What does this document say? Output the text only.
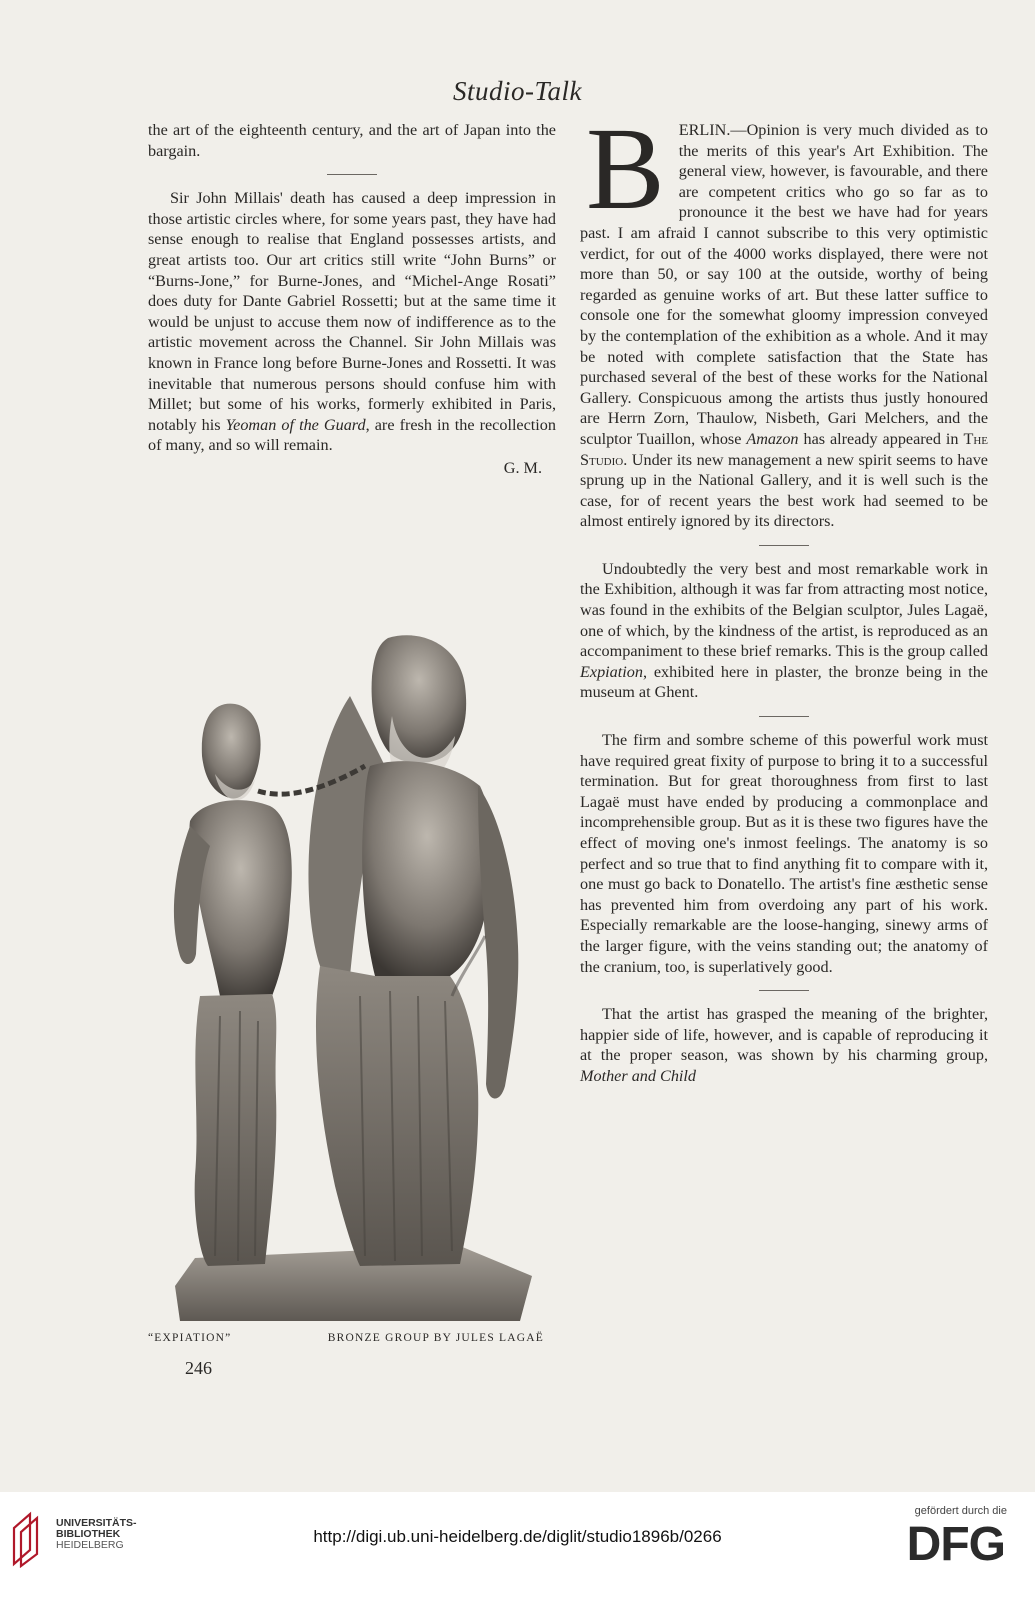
Studio-Talk

the art of the eighteenth century, and the art of Japan into the bargain.

Sir John Millais' death has caused a deep impression in those artistic circles where, for some years past, they have had sense enough to realise that England possesses artists, and great artists too. Our art critics still write “John Burns” or “Burns-Jone,” for Burne-Jones, and “Michel-Ange Rosati” does duty for Dante Gabriel Rossetti; but at the same time it would be unjust to accuse them now of indifference as to the artistic movement across the Channel. Sir John Millais was known in France long before Burne-Jones and Rossetti. It was inevitable that numerous persons should confuse him with Millet; but some of his works, formerly exhibited in Paris, notably his Yeoman of the Guard, are fresh in the recollection of many, and so will remain.

G. M.
“EXPIATION”	BRONZE GROUP BY JULES LAGAË
246

BERLIN.—Opinion is very much divided as to the merits of this year's Art Exhibition. The general view, however, is favourable, and there are competent critics who go so far as to pronounce it the best we have had for years past. I am afraid I cannot subscribe to this very optimistic verdict, for out of the 4000 works displayed, there were not more than 50, or say 100 at the outside, worthy of being regarded as genuine works of art. But these latter suffice to console one for the somewhat gloomy impression conveyed by the contemplation of the exhibition as a whole. And it may be noted with complete satisfaction that the State has purchased several of the best of these works for the National Gallery. Conspicuous among the artists thus justly honoured are Herrn Zorn, Thaulow, Nisbeth, Gari Melchers, and the sculptor Tuaillon, whose Amazon has already appeared in The Studio. Under its new management a new spirit seems to have sprung up in the National Gallery, and it is well such is the case, for of recent years the best work had seemed to be almost entirely ignored by its directors.

Undoubtedly the very best and most remarkable work in the Exhibition, although it was far from attracting most notice, was found in the exhibits of the Belgian sculptor, Jules Lagaë, one of which, by the kindness of the artist, is reproduced as an accompaniment to these brief remarks. This is the group called Expiation, exhibited here in plaster, the bronze being in the museum at Ghent.

The firm and sombre scheme of this powerful work must have required great fixity of purpose to bring it to a successful termination. But for great thoroughness from first to last Lagaë must have ended by producing a commonplace and incomprehensible group. But as it is these two figures have the effect of moving one's inmost feelings. The anatomy is so perfect and so true that to find anything fit to compare with it, one must go back to Donatello. The artist's fine æsthetic sense has prevented him from overdoing any part of his work. Especially remarkable are the loose-hanging, sinewy arms of the larger figure, with the veins standing out; the anatomy of the cranium, too, is superlatively good.

That the artist has grasped the meaning of the brighter, happier side of life, however, and is capable of reproducing it at the proper season, was shown by his charming group, Mother and Child

UNIVERSITÄTS-
BIBLIOTHEK
HEIDELBERG	http://digi.ub.uni-heidelberg.de/diglit/studio1896b/0266
gefördert durch die
DFG
